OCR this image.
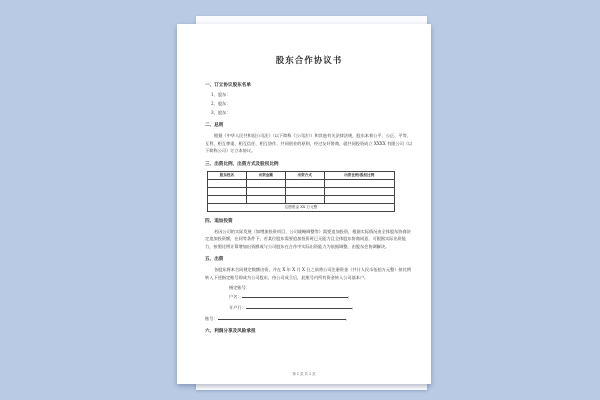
股东合作协议书
一、订立协议股东名单
1、股东：
2、股东：
3、股东：
二、总则
根据《中华人民共和国公司法》（以下简称《公司法》）和其他有关法律法规，股东本着公平、公正、平等、互利、相互尊重、相互信任、相互协作、共同创业的原则，经过友好协商，就共同投资成立 XXXX 有限公司（以下简称公司）订立本协议。
三、出资比例、出资方式及股权比例
股东姓名	出资金额	出资方式	出资比例/股权比例

注册资金 XX 万元整			
四、追加投资
若因公司的实际发展（如增加投资项目、公司战略调整等）需要追加投资，根据实际情况由全体股东协商决定追加投资额，在同等条件下，若某位股东需要追加投资时已无能力且全体股东协商同意，可根据实际出资能力，按照比例计算增加出资额或与公司股东在合作中实际出资能力为依据调整，由股东会协调解决。
五、出资
各股东将本合同规定数额出资，并在 X 年 X 月 X 日之前将公司注册资金（共计人民币伍拾万元整）按比例转入下述指定账号即成为公司股东，待公司成立后，此账号内所有资金转入公司基本户。
指定账号：
户名：	;
开户行：	;
账号：	。
六、利润分享及风险承担
第 1 页 共 2 页
